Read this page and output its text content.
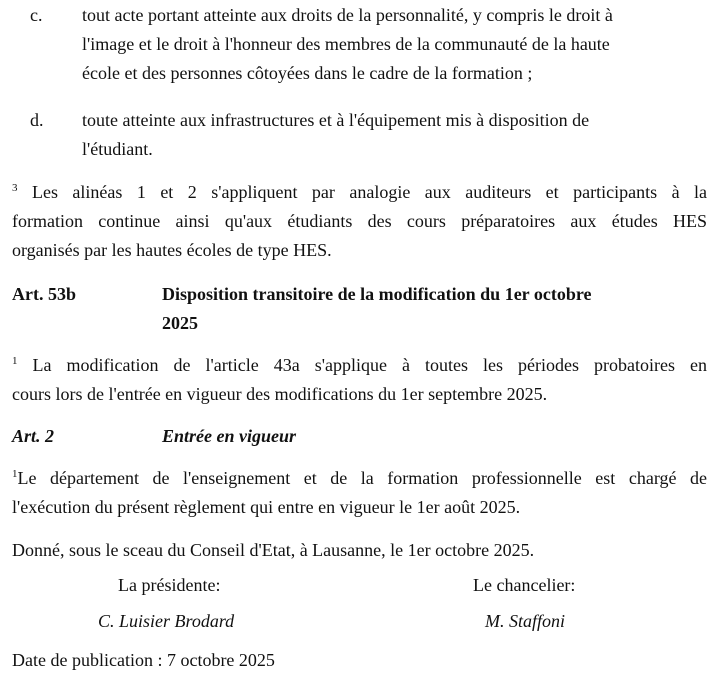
c. tout acte portant atteinte aux droits de la personnalité, y compris le droit à
l'image et le droit à l'honneur des membres de la communauté de la haute
école et des personnes côtoyées dans le cadre de la formation ;
d. toute atteinte aux infrastructures et à l'équipement mis à disposition de
l'étudiant.
$^3$ Les alinéas 1 et 2 s'appliquent par analogie aux auditeurs et participants à la
formation continue ainsi qu'aux étudiants des cours préparatoires aux études HES
organisés par les hautes écoles de type HES.
Art. 53b	Disposition transitoire de la modification du 1er octobre
2025
$^1$ La modification de l'article 43a s'applique à toutes les périodes probatoires en
cours lors de l'entrée en vigueur des modifications du 1er septembre 2025.
Art. 2	Entrée en vigueur
$^1$Le département de l'enseignement et de la formation professionnelle est chargé de
l'exécution du présent règlement qui entre en vigueur le 1er août 2025.
Donné, sous le sceau du Conseil d'Etat, à Lausanne, le 1er octobre 2025.
La présidente:	Le chancelier:
C. Luisier Brodard	M. Staffoni
Date de publication : 7 octobre 2025
